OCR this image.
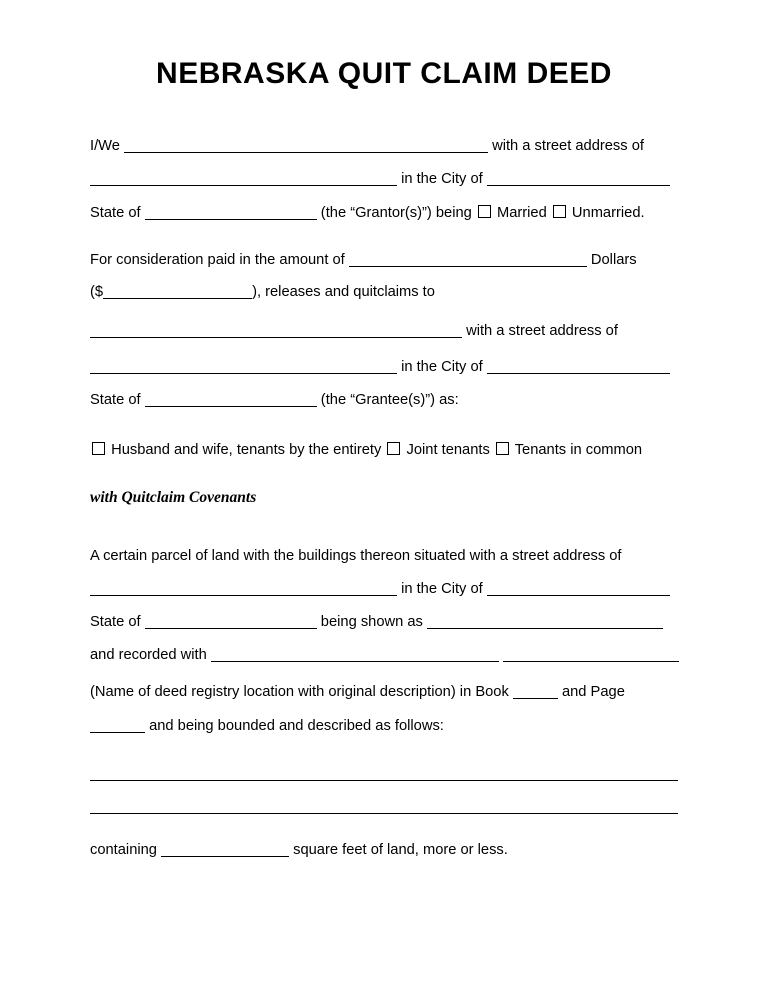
NEBRASKA QUIT CLAIM DEED
I/We	with a street address of
in the City of
State of	(the “Grantor(s)”) being  Married  Unmarried.
For consideration paid in the amount of	Dollars
($	), releases and quitclaims to
with a street address of
in the City of
State of	(the “Grantee(s)”) as:
Husband and wife, tenants by the entirety  Joint tenants  Tenants in common
with Quitclaim Covenants
A certain parcel of land with the buildings thereon situated with a street address of
in the City of
State of	being shown as
and recorded with
(Name of deed registry location with original description) in Book	and Page
and being bounded and described as follows:
containing	square feet of land, more or less.
